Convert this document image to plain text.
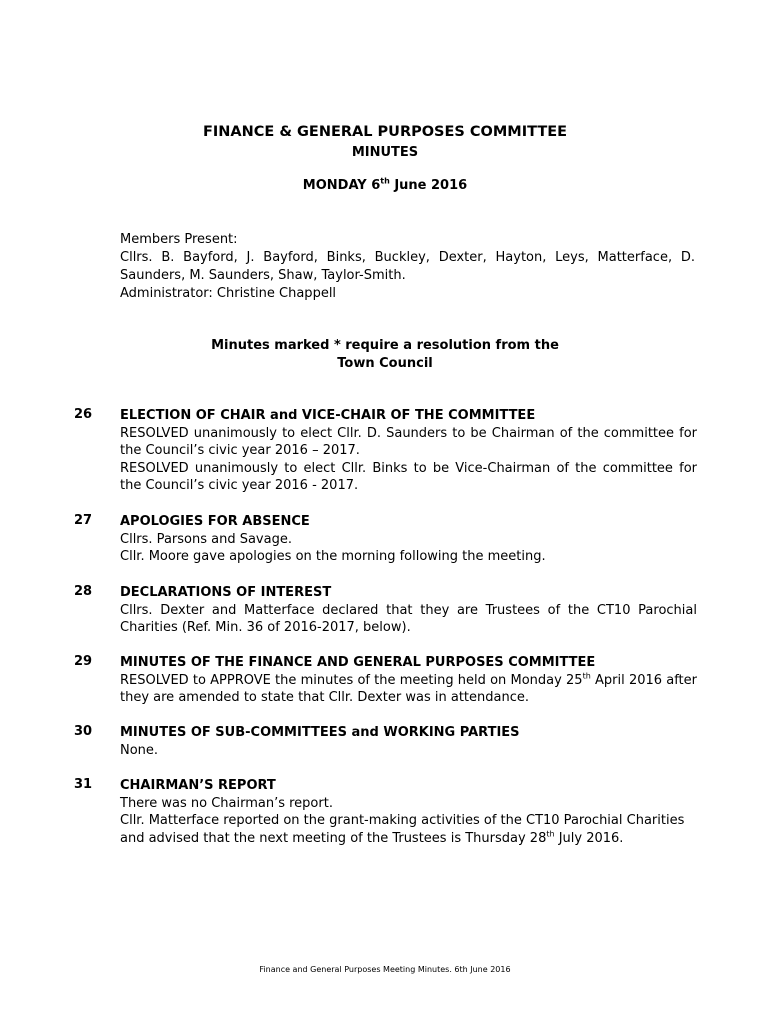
FINANCE & GENERAL PURPOSES COMMITTEE
MINUTES
MONDAY 6th June 2016
Members Present:
Cllrs. B. Bayford, J. Bayford, Binks, Buckley, Dexter, Hayton, Leys, Matterface, D. Saunders, M. Saunders, Shaw, Taylor-Smith.
Administrator: Christine Chappell
Minutes marked * require a resolution from the
Town Council
26 ELECTION OF CHAIR and VICE-CHAIR OF THE COMMITTEE
RESOLVED unanimously to elect Cllr. D. Saunders to be Chairman of the committee for the Council’s civic year 2016 – 2017.
RESOLVED unanimously to elect Cllr. Binks to be Vice-Chairman of the committee for the Council’s civic year 2016 - 2017.
27 APOLOGIES FOR ABSENCE
Cllrs. Parsons and Savage.
Cllr. Moore gave apologies on the morning following the meeting.
28 DECLARATIONS OF INTEREST
Cllrs. Dexter and Matterface declared that they are Trustees of the CT10 Parochial Charities (Ref. Min. 36 of 2016-2017, below).
29 MINUTES OF THE FINANCE AND GENERAL PURPOSES COMMITTEE
RESOLVED to APPROVE the minutes of the meeting held on Monday 25th April 2016 after they are amended to state that Cllr. Dexter was in attendance.
30 MINUTES OF SUB-COMMITTEES and WORKING PARTIES
None.
31 CHAIRMAN’S REPORT
There was no Chairman’s report.
Cllr. Matterface reported on the grant-making activities of the CT10 Parochial Charities and advised that the next meeting of the Trustees is Thursday 28th July 2016.
Finance and General Purposes Meeting Minutes. 6th June 2016
